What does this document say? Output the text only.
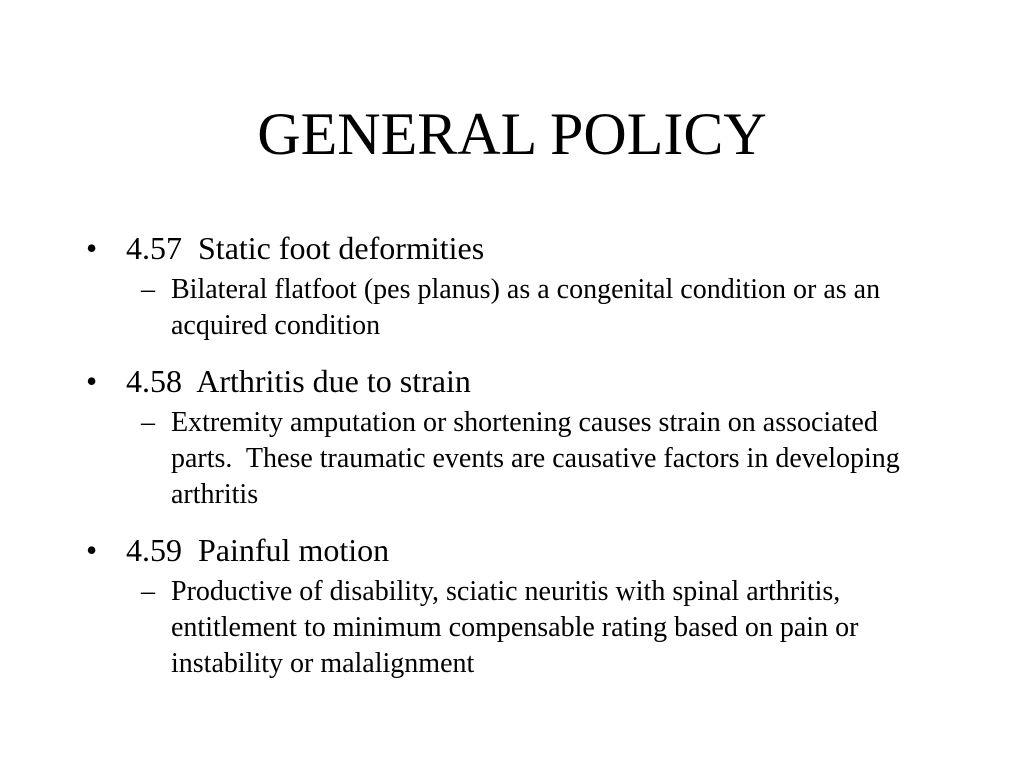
GENERAL POLICY
• 4.57  Static foot deformities
– Bilateral flatfoot (pes planus) as a congenital condition or as an acquired condition
• 4.58  Arthritis due to strain
– Extremity amputation or shortening causes strain on associated parts.  These traumatic events are causative factors in developing arthritis
• 4.59  Painful motion
– Productive of disability, sciatic neuritis with spinal arthritis, entitlement to minimum compensable rating based on pain or instability or malalignment
